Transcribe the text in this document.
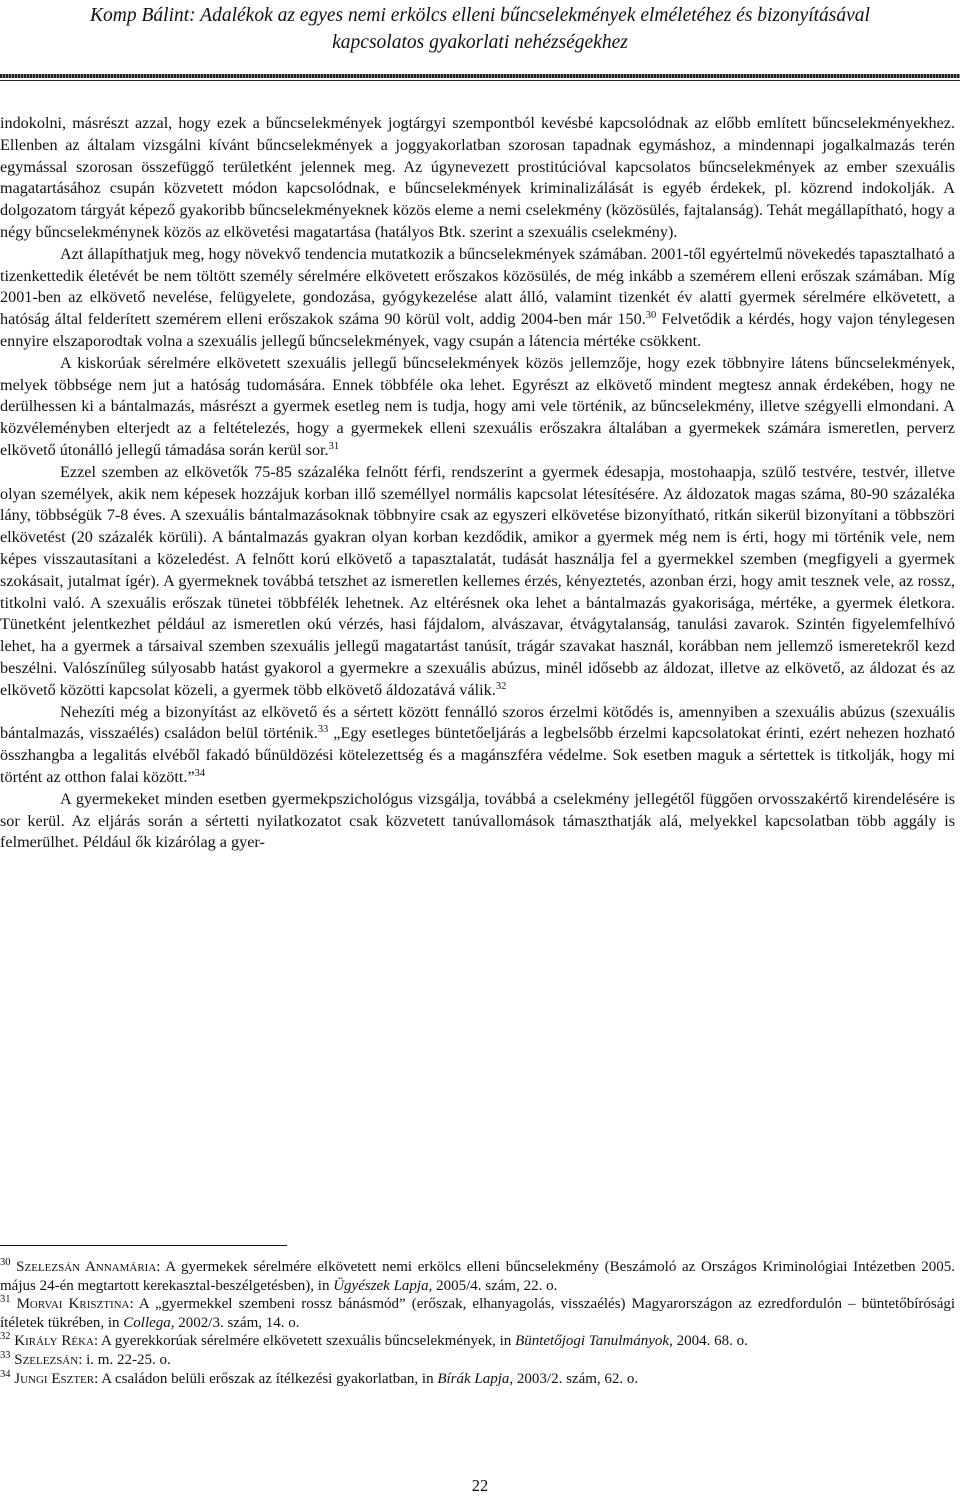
Komp Bálint: Adalékok az egyes nemi erkölcs elleni bűncselekmények elméletéhez és bizonyításával
kapcsolatos gyakorlati nehézségekhez

indokolni, másrészt azzal, hogy ezek a bűncselekmények jogtárgyi szempontból kevésbé kapcsolódnak az előbb említett bűncselekményekhez. Ellenben az általam vizsgálni kívánt bűncselekmények a joggyakorlatban szorosan tapadnak egymáshoz, a mindennapi jogalkalmazás terén egymással szorosan összefüggő területként jelennek meg. Az úgynevezett prostitúcióval kapcsolatos bűncselekmények az ember szexuális magatartásához csupán közvetett módon kapcsolódnak, e bűncselekmények kriminalizálását is egyéb érdekek, pl. közrend indokolják. A dolgozatom tárgyát képező gyakoribb bűncselekményeknek közös eleme a nemi cselekmény (közösülés, fajtalanság). Tehát megállapítható, hogy a négy bűncselekménynek közös az elkövetési magatartása (hatályos Btk. szerint a szexuális cselekmény).

Azt állapíthatjuk meg, hogy növekvő tendencia mutatkozik a bűncselekmények számában. 2001-től egyértelmű növekedés tapasztalható a tizenkettedik életévét be nem töltött személy sérelmére elkövetett erőszakos közösülés, de még inkább a szemérem elleni erőszak számában. Míg 2001-ben az elkövető nevelése, felügyelete, gondozása, gyógykezelése alatt álló, valamint tizenkét év alatti gyermek sérelmére elkövetett, a hatóság által felderített szemérem elleni erőszakok száma 90 körül volt, addig 2004-ben már 150.30 Felvetődik a kérdés, hogy vajon ténylegesen ennyire elszaporodtak volna a szexuális jellegű bűncselekmények, vagy csupán a látencia mértéke csökkent.

A kiskorúak sérelmére elkövetett szexuális jellegű bűncselekmények közös jellemzője, hogy ezek többnyire látens bűncselekmények, melyek többsége nem jut a hatóság tudomására. Ennek többféle oka lehet. Egyrészt az elkövető mindent megtesz annak érdekében, hogy ne derülhessen ki a bántalmazás, másrészt a gyermek esetleg nem is tudja, hogy ami vele történik, az bűncselekmény, illetve szégyelli elmondani. A közvéleményben elterjedt az a feltételezés, hogy a gyermekek elleni szexuális erőszakra általában a gyermekek számára ismeretlen, perverz elkövető útonálló jellegű támadása során kerül sor.$^{31}$

Ezzel szemben az elkövetők 75-85 százaléka felnőtt férfi, rendszerint a gyermek édesapja, mostohaapja, szülő testvére, testvér, illetve olyan személyek, akik nem képesek hozzájuk korban illő személlyel normális kapcsolat létesítésére. Az áldozatok magas száma, 80-90 százaléka lány, többségük 7-8 éves. A szexuális bántalmazásoknak többnyire csak az egyszeri elkövetése bizonyítható, ritkán sikerül bizonyítani a többszöri elkövetést (20 százalék körüli). A bántalmazás gyakran olyan korban kezdődik, amikor a gyermek még nem is érti, hogy mi történik vele, nem képes visszautasítani a közeledést. A felnőtt korú elkövető a tapasztalatát, tudását használja fel a gyermekkel szemben (megfigyeli a gyermek szokásait, jutalmat ígér). A gyermeknek továbbá tetszhet az ismeretlen kellemes érzés, kényeztetés, azonban érzi, hogy amit tesznek vele, az rossz, titkolni való. A szexuális erőszak tünetei többfélék lehetnek. Az eltérésnek oka lehet a bántalmazás gyakorisága, mértéke, a gyermek életkora. Tünetként jelentkezhet például az ismeretlen okú vérzés, hasi fájdalom, alvászavar, étvágytalanság, tanulási zavarok. Szintén figyelemfelhívó lehet, ha a gyermek a társaival szemben szexuális jellegű magatartást tanúsít, trágár szavakat használ, korábban nem jellemző ismeretekről kezd beszélni. Valószínűleg súlyosabb hatást gyakorol a gyermekre a szexuális abúzus, minél idősebb az áldozat, illetve az elkövető, az áldozat és az elkövető közötti kapcsolat közeli, a gyermek több elkövető áldozatává válik.$^{32}$

Nehezíti még a bizonyítást az elkövető és a sértett között fennálló szoros érzelmi kötődés is, amennyiben a szexuális abúzus (szexuális bántalmazás, visszaélés) családon belül történik.$^{33}$ „Egy esetleges büntetőeljárás a legbelsőbb érzelmi kapcsolatokat érinti, ezért nehezen hozható összhangba a legalitás elvéből fakadó bűnüldözési kötelezettség és a magánszféra védelme. Sok esetben maguk a sértettek is titkolják, hogy mi történt az otthon falai között.”$^{34}$

A gyermekeket minden esetben gyermekpszichológus vizsgálja, továbbá a cselekmény jellegétől függően orvosszakértő kirendelésére is sor kerül. Az eljárás során a sértetti nyilatkozatot csak közvetett tanúvallomások támaszthatják alá, melyekkel kapcsolatban több aggály is felmerülhet. Például ők kizárólag a gyer-

$^{30}$ Szelezsán Annamária: A gyermekek sérelmére elkövetett nemi erkölcs elleni bűncselekmény (Beszámoló az Országos Kriminológiai Intézetben 2005. május 24-én megtartott kerekasztal-beszélgetésben), in Ügyészek Lapja, 2005/4. szám, 22. o.

$^{31}$ Morvai Krisztina: A „gyermekkel szembeni rossz bánásmód” (erőszak, elhanyagolás, visszaélés) Magyarországon az ezredfordulón – büntetőbírósági ítéletek tükrében, in Collega, 2002/3. szám, 14. o.

$^{32}$ Király Réka: A gyerekkorúak sérelmére elkövetett szexuális bűncselekmények, in Büntetőjogi Tanulmányok, 2004. 68. o.

$^{33}$ Szelezsán: i. m. 22-25. o.

$^{34}$ Jungi Eszter: A családon belüli erőszak az ítélkezési gyakorlatban, in Bírák Lapja, 2003/2. szám, 62. o.

22
